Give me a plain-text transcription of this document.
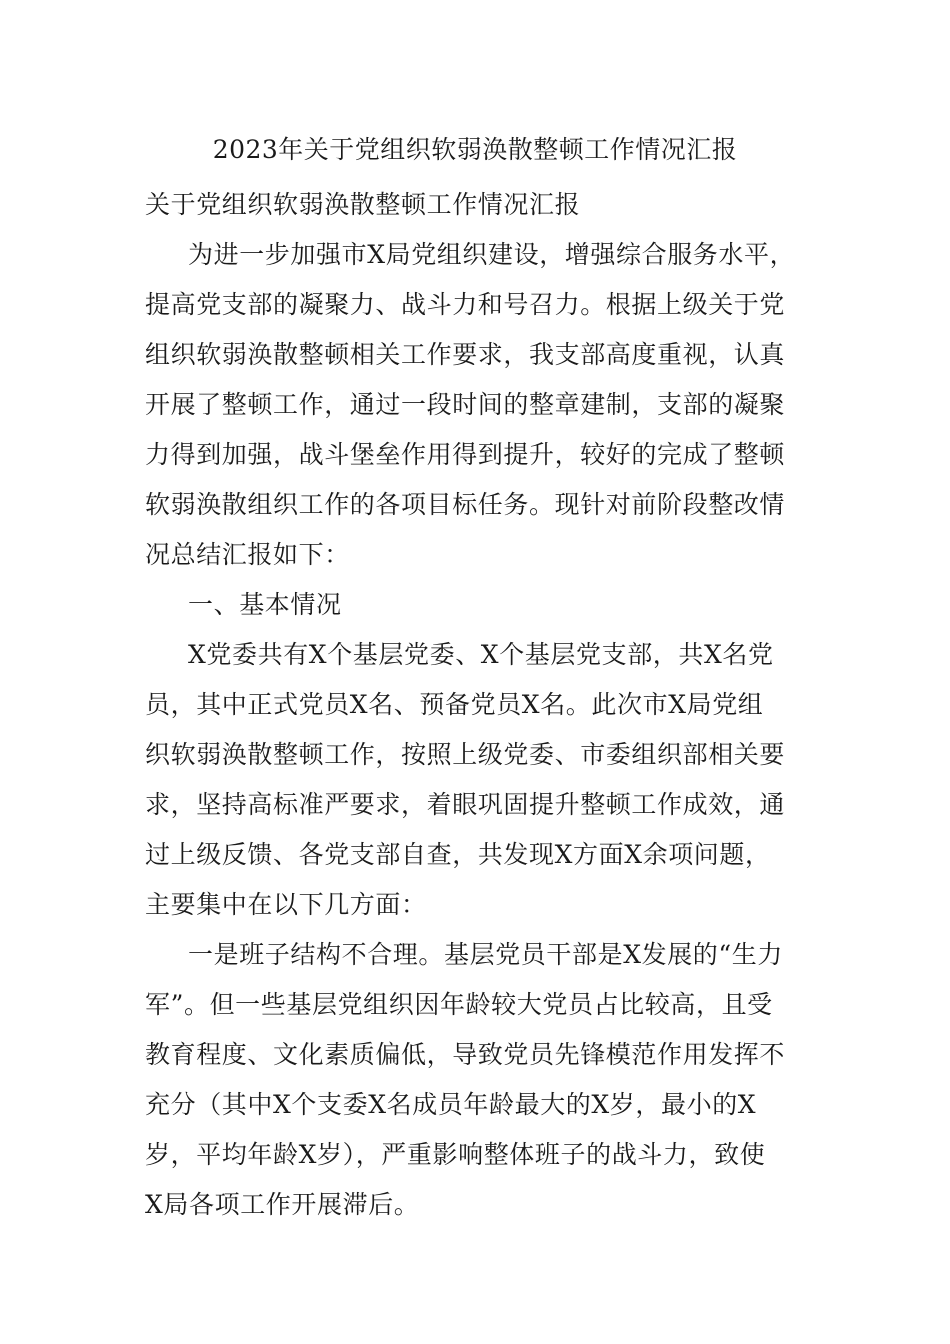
2023年关于党组织软弱涣散整顿工作情况汇报
关于党组织软弱涣散整顿工作情况汇报
为进一步加强市X局党组织建设，增强综合服务水平，
提高党支部的凝聚力、战斗力和号召力。根据上级关于党
组织软弱涣散整顿相关工作要求，我支部高度重视，认真
开展了整顿工作，通过一段时间的整章建制，支部的凝聚
力得到加强，战斗堡垒作用得到提升，较好的完成了整顿
软弱涣散组织工作的各项目标任务。现针对前阶段整改情
况总结汇报如下：
一、基本情况
X党委共有X个基层党委、X个基层党支部，共X名党
员，其中正式党员X名、预备党员X名。此次市X局党组
织软弱涣散整顿工作，按照上级党委、市委组织部相关要
求，坚持高标准严要求，着眼巩固提升整顿工作成效，通
过上级反馈、各党支部自查，共发现X方面X余项问题，
主要集中在以下几方面：
一是班子结构不合理。基层党员干部是X发展的“生力
军”。但一些基层党组织因年龄较大党员占比较高，且受
教育程度、文化素质偏低，导致党员先锋模范作用发挥不
充分（其中X个支委X名成员年龄最大的X岁，最小的X
岁，平均年龄X岁），严重影响整体班子的战斗力，致使
X局各项工作开展滞后。
